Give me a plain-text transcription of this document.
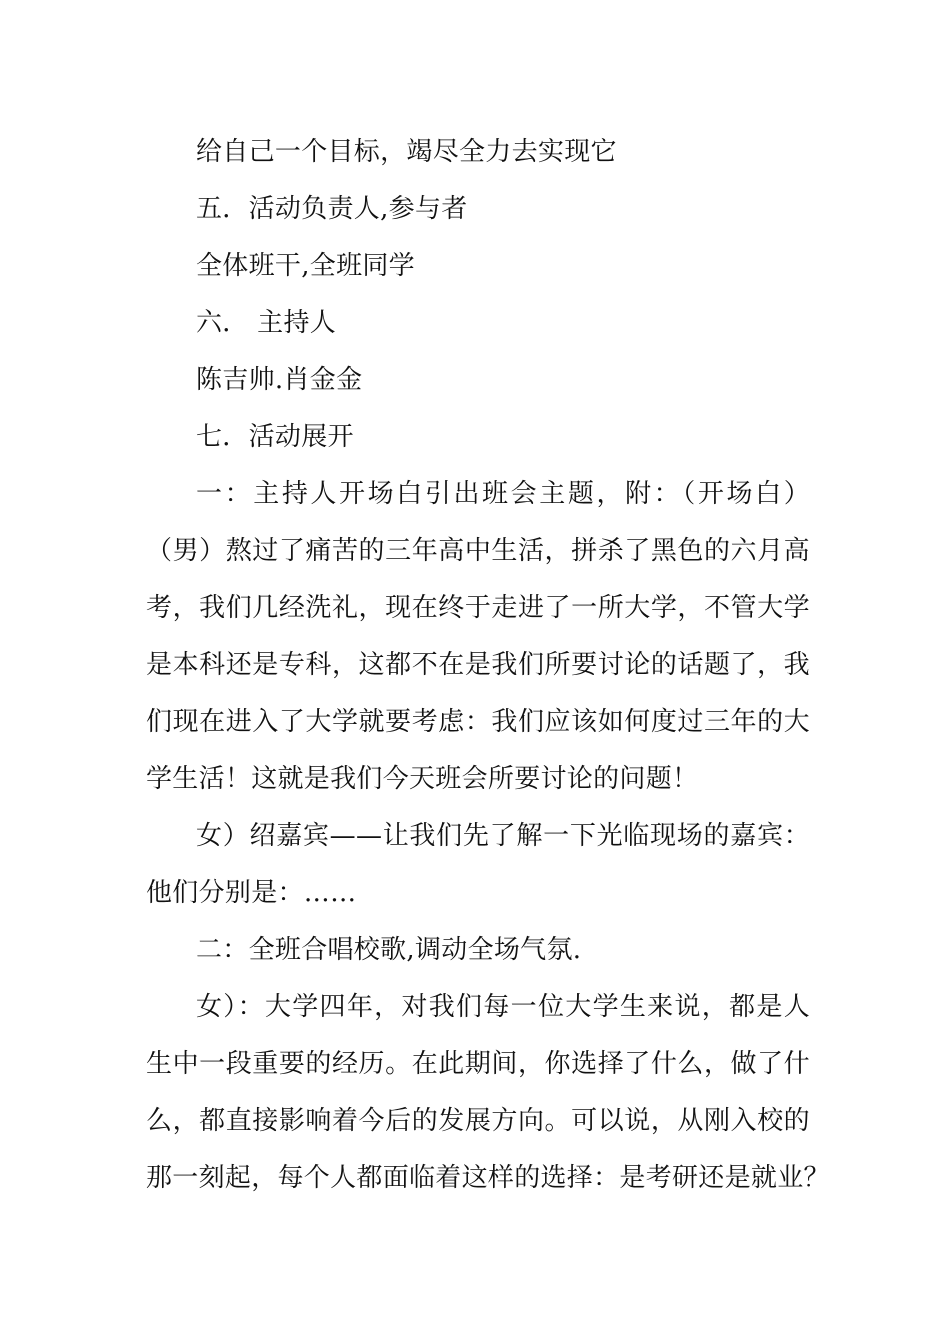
给自己一个目标，竭尽全力去实现它
五．活动负责人,参与者
全体班干,全班同学
六． 主持人
陈吉帅.肖金金
七．活动展开
一：主持人开场白引出班会主题，附：（开场白）
（男）熬过了痛苦的三年高中生活，拼杀了黑色的六月高
考，我们几经洗礼，现在终于走进了一所大学，不管大学
是本科还是专科，这都不在是我们所要讨论的话题了，我
们现在进入了大学就要考虑：我们应该如何度过三年的大
学生活！这就是我们今天班会所要讨论的问题！
女）绍嘉宾——让我们先了解一下光临现场的嘉宾：
他们分别是：……
二：全班合唱校歌,调动全场气氛.
女）：大学四年，对我们每一位大学生来说，都是人
生中一段重要的经历。在此期间，你选择了什么，做了什
么，都直接影响着今后的发展方向。可以说，从刚入校的
那一刻起，每个人都面临着这样的选择：是考研还是就业？
